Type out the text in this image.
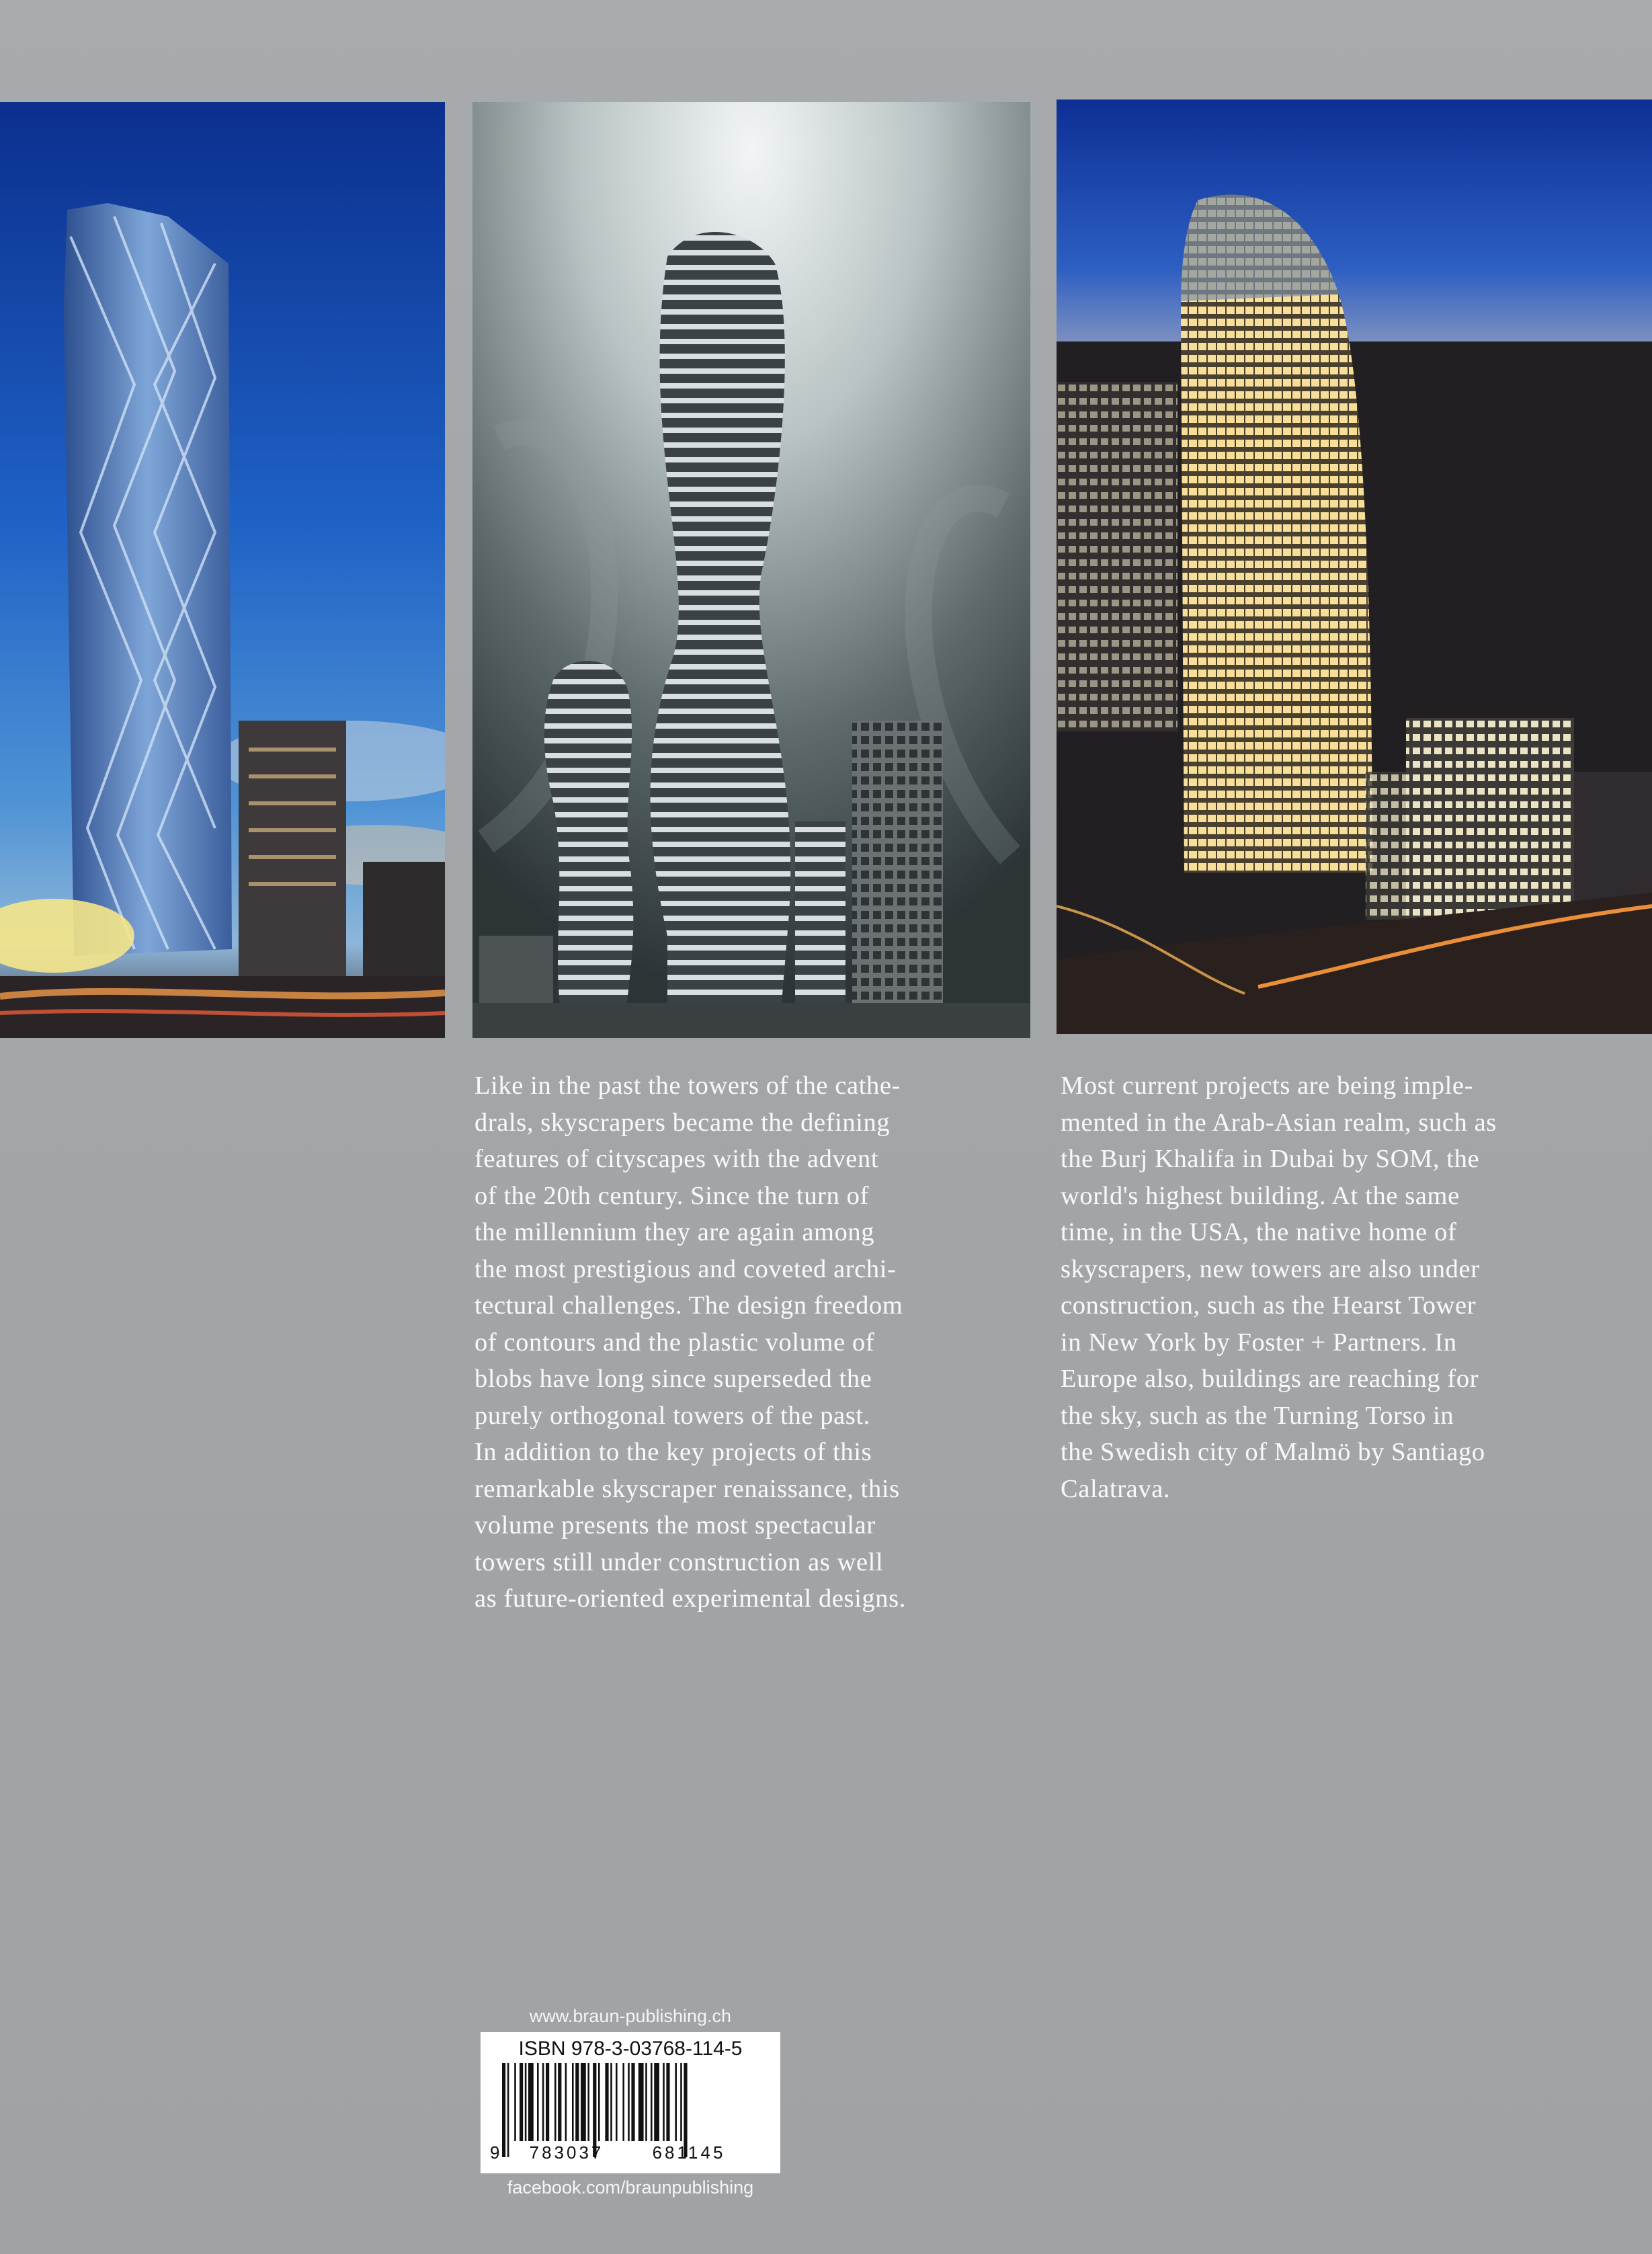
Like in the past the towers of the cathe-
drals, skyscrapers became the defining
features of cityscapes with the advent
of the 20th century. Since the turn of
the millennium they are again among
the most prestigious and coveted archi-
tectural challenges. The design freedom
of contours and the plastic volume of
blobs have long since superseded the
purely orthogonal towers of the past.
In addition to the key projects of this
remarkable skyscraper renaissance, this
volume presents the most spectacular
towers still under construction as well
as future-oriented experimental designs.

Most current projects are being imple-
mented in the Arab-Asian realm, such as
the Burj Khalifa in Dubai by SOM, the
world's highest building. At the same
time, in the USA, the native home of
skyscrapers, new towers are also under
construction, such as the Hearst Tower
in New York by Foster + Partners. In
Europe also, buildings are reaching for
the sky, such as the Turning Torso in
the Swedish city of Malmö by Santiago
Calatrava.

www.braun-publishing.ch
ISBN 978-3-03768-114-5
9 783037	681145
facebook.com/braunpublishing
